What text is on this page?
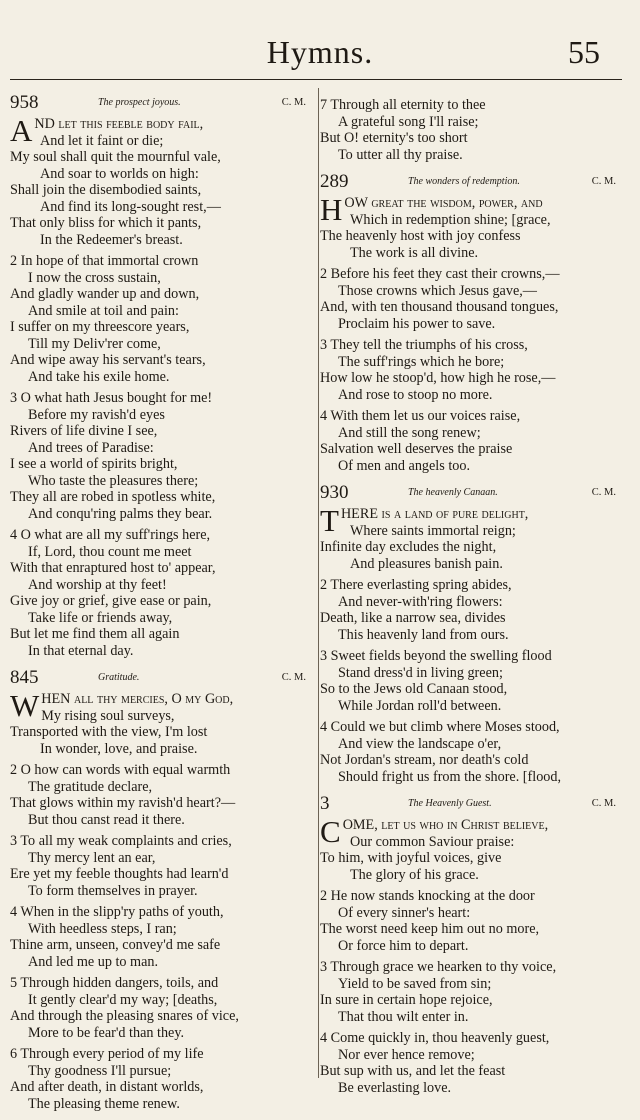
Hymns.	55
958	The prospect joyous.	C. M.
A ND let this feeble body fail,
And let it faint or die;
My soul shall quit the mournful vale,
And soar to worlds on high:
Shall join the disembodied saints,
And find its long-sought rest,—
That only bliss for which it pants,
In the Redeemer's breast.
2 In hope of that immortal crown
I now the cross sustain,
And gladly wander up and down,
And smile at toil and pain:
I suffer on my threescore years,
Till my Deliv'rer come,
And wipe away his servant's tears,
And take his exile home.
3 O what hath Jesus bought for me!
Before my ravish'd eyes
Rivers of life divine I see,
And trees of Paradise:
I see a world of spirits bright,
Who taste the pleasures there;
They all are robed in spotless white,
And conqu'ring palms they bear.
4 O what are all my suff'rings here,
If, Lord, thou count me meet
With that enraptured host to' appear,
And worship at thy feet!
Give joy or grief, give ease or pain,
Take life or friends away,
But let me find them all again
In that eternal day.
845	Gratitude.	C. M.
W HEN all thy mercies, O my God,
My rising soul surveys,
Transported with the view, I'm lost
In wonder, love, and praise.
2 O how can words with equal warmth
The gratitude declare,
That glows within my ravish'd heart?—
But thou canst read it there.
3 To all my weak complaints and cries,
Thy mercy lent an ear,
Ere yet my feeble thoughts had learn'd
To form themselves in prayer.
4 When in the slipp'ry paths of youth,
With heedless steps, I ran;
Thine arm, unseen, convey'd me safe
And led me up to man.
5 Through hidden dangers, toils, and
It gently clear'd my way; [deaths,
And through the pleasing snares of vice,
More to be fear'd than they.
6 Through every period of my life
Thy goodness I'll pursue;
And after death, in distant worlds,
The pleasing theme renew.
7 Through all eternity to thee
A grateful song I'll raise;
But O! eternity's too short
To utter all thy praise.
289	The wonders of redemption.	C. M.
H OW great the wisdom, power, and
Which in redemption shine; [grace,
The heavenly host with joy confess
The work is all divine.
2 Before his feet they cast their crowns,—
Those crowns which Jesus gave,—
And, with ten thousand thousand tongues,
Proclaim his power to save.
3 They tell the triumphs of his cross,
The suff'rings which he bore;
How low he stoop'd, how high he rose,—
And rose to stoop no more.
4 With them let us our voices raise,
And still the song renew;
Salvation well deserves the praise
Of men and angels too.
930	The heavenly Canaan.	C. M.
T HERE is a land of pure delight,
Where saints immortal reign;
Infinite day excludes the night,
And pleasures banish pain.
2 There everlasting spring abides,
And never-with'ring flowers:
Death, like a narrow sea, divides
This heavenly land from ours.
3 Sweet fields beyond the swelling flood
Stand dress'd in living green;
So to the Jews old Canaan stood,
While Jordan roll'd between.
4 Could we but climb where Moses stood,
And view the landscape o'er,
Not Jordan's stream, nor death's cold
Should fright us from the shore. [flood,
3	The Heavenly Guest.	C. M.
C OME, let us who in Christ believe,
Our common Saviour praise:
To him, with joyful voices, give
The glory of his grace.
2 He now stands knocking at the door
Of every sinner's heart:
The worst need keep him out no more,
Or force him to depart.
3 Through grace we hearken to thy voice,
Yield to be saved from sin;
In sure in certain hope rejoice,
That thou wilt enter in.
4 Come quickly in, thou heavenly guest,
Nor ever hence remove;
But sup with us, and let the feast
Be everlasting love.
